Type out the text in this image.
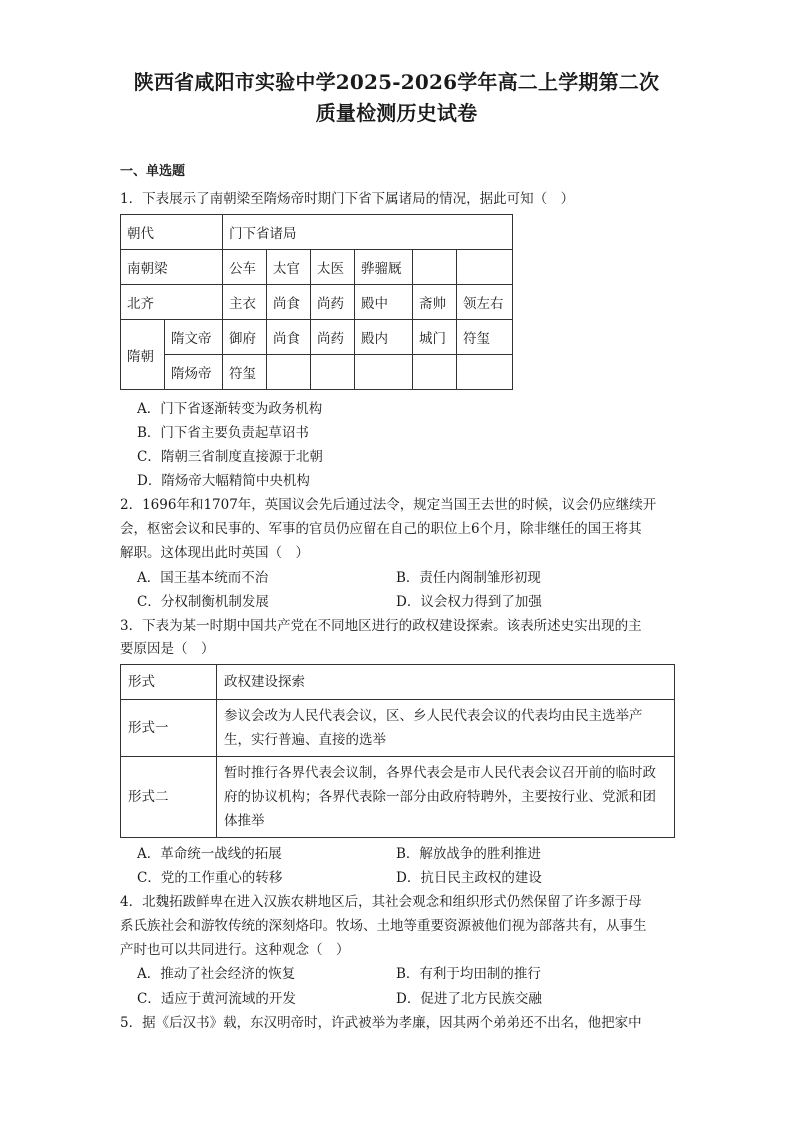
陕西省咸阳市实验中学2025-2026学年高二上学期第二次
质量检测历史试卷
一、单选题
1．下表展示了南朝梁至隋炀帝时期门下省下属诸局的情况，据此可知（　）
朝代		门下省诸局					
南朝梁		公车	太官	太医	骅骝厩		
北齐		主衣	尚食	尚药	殿中	斋帅	领左右
隋朝	隋文帝	御府	尚食	尚药	殿内	城门	符玺
	隋炀帝	符玺					
A．门下省逐渐转变为政务机构
B．门下省主要负责起草诏书
C．隋朝三省制度直接源于北朝
D．隋炀帝大幅精简中央机构
2．1696年和1707年，英国议会先后通过法令，规定当国王去世的时候，议会仍应继续开
会，枢密会议和民事的、军事的官员仍应留在自己的职位上6个月，除非继任的国王将其
解职。这体现出此时英国（　）
A．国王基本统而不治	B．责任内阁制雏形初现
C．分权制衡机制发展	D．议会权力得到了加强
3．下表为某一时期中国共产党在不同地区进行的政权建设探索。该表所述史实出现的主
要原因是（　）
形式	政权建设探索
形式一	参议会改为人民代表会议，区、乡人民代表会议的代表均由民主选举产生，实行普遍、直接的选举
形式二	暂时推行各界代表会议制，各界代表会是市人民代表会议召开前的临时政府的协议机构；各界代表除一部分由政府特聘外，主要按行业、党派和团体推举
A．革命统一战线的拓展	B．解放战争的胜利推进
C．党的工作重心的转移	D．抗日民主政权的建设
4．北魏拓跋鲜卑在进入汉族农耕地区后，其社会观念和组织形式仍然保留了许多源于母
系氏族社会和游牧传统的深刻烙印。牧场、土地等重要资源被他们视为部落共有，从事生
产时也可以共同进行。这种观念（　）
A．推动了社会经济的恢复	B．有利于均田制的推行
C．适应于黄河流域的开发	D．促进了北方民族交融
5．据《后汉书》载，东汉明帝时，许武被举为孝廉，因其两个弟弟还不出名，他把家中
